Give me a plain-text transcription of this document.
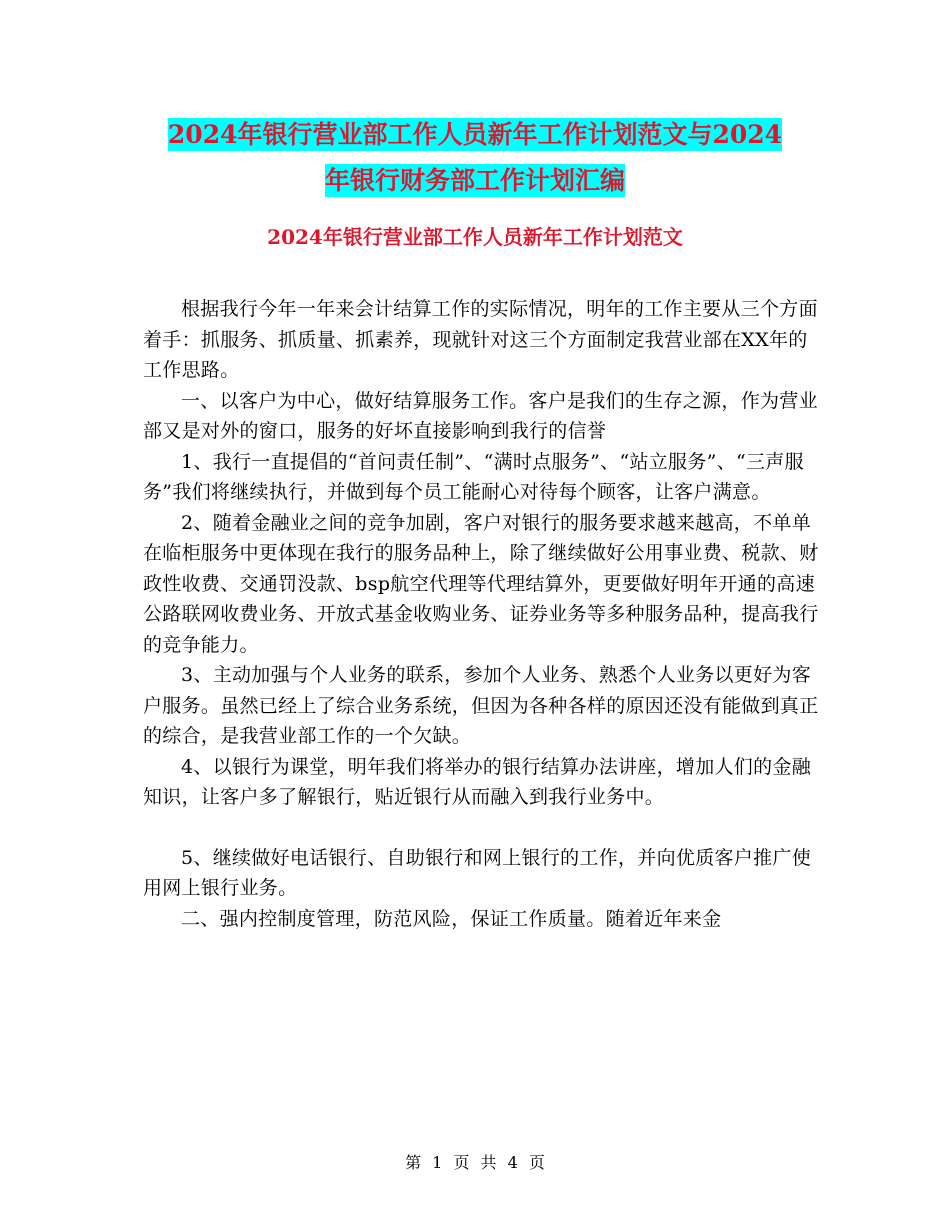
2024年银行营业部工作人员新年工作计划范文与2024
年银行财务部工作计划汇编
2024年银行营业部工作人员新年工作计划范文

根据我行今年一年来会计结算工作的实际情况，明年的工作主要从三个方面着手：抓服务、抓质量、抓素养，现就针对这三个方面制定我营业部在XX年的工作思路。

一、以客户为中心，做好结算服务工作。客户是我们的生存之源，作为营业部又是对外的窗口，服务的好坏直接影响到我行的信誉

1、我行一直提倡的“首问责任制”、“满时点服务”、“站立服务”、“三声服务”我们将继续执行，并做到每个员工能耐心对待每个顾客，让客户满意。

2、随着金融业之间的竞争加剧，客户对银行的服务要求越来越高，不单单在临柜服务中更体现在我行的服务品种上，除了继续做好公用事业费、税款、财政性收费、交通罚没款、bsp航空代理等代理结算外，更要做好明年开通的高速公路联网收费业务、开放式基金收购业务、证券业务等多种服务品种，提高我行的竞争能力。

3、主动加强与个人业务的联系，参加个人业务、熟悉个人业务以更好为客户服务。虽然已经上了综合业务系统，但因为各种各样的原因还没有能做到真正的综合，是我营业部工作的一个欠缺。

4、以银行为课堂，明年我们将举办的银行结算办法讲座，增加人们的金融知识，让客户多了解银行，贴近银行从而融入到我行业务中。

5、继续做好电话银行、自助银行和网上银行的工作，并向优质客户推广使用网上银行业务。

二、强内控制度管理，防范风险，保证工作质量。随着近年来金

第 1 页 共 4 页
